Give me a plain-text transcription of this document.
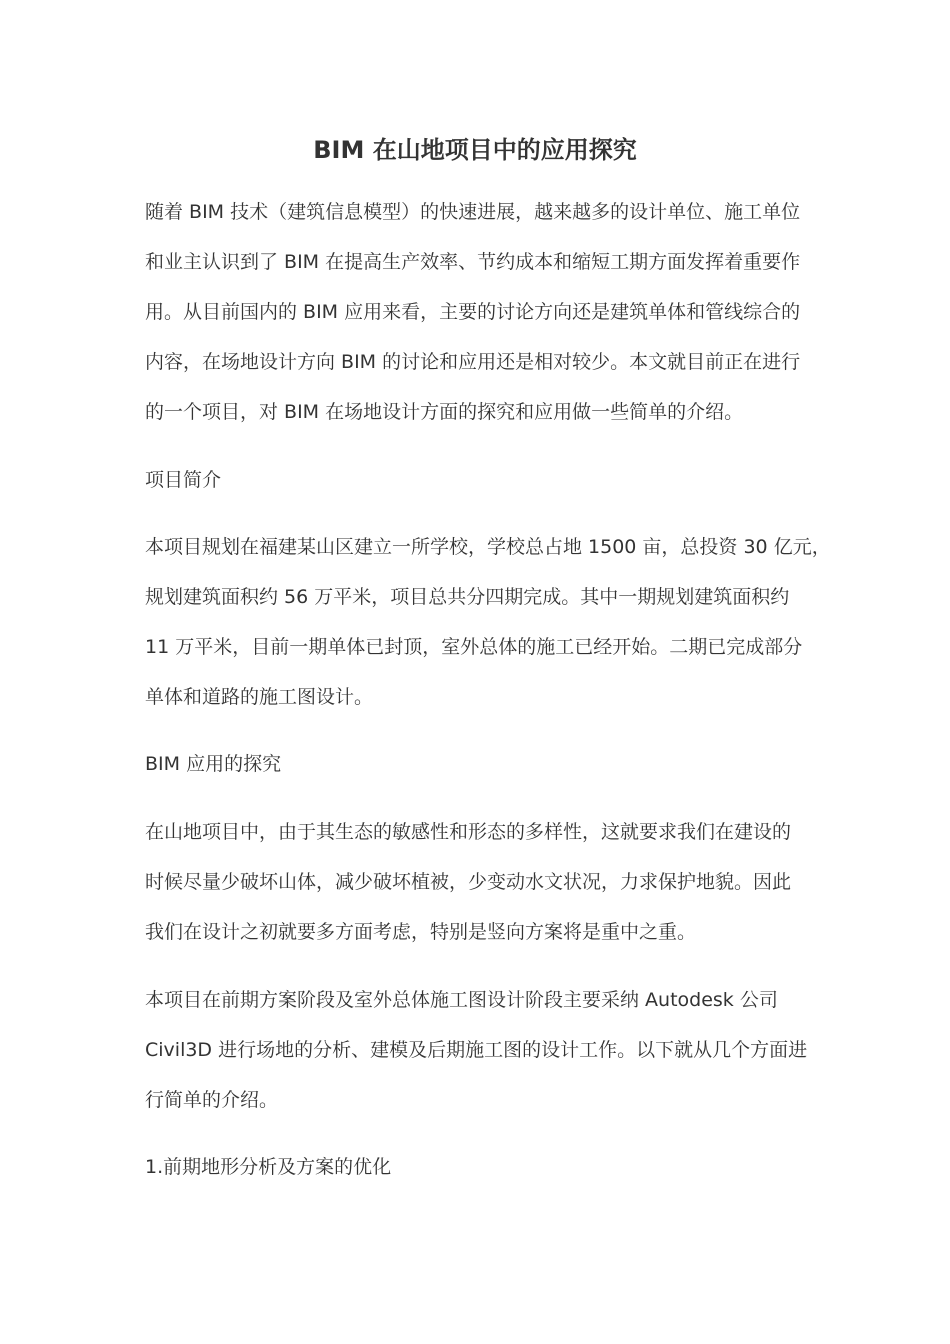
BIM 在山地项目中的应用探究

随着 BIM 技术（建筑信息模型）的快速进展，越来越多的设计单位、施工单位

和业主认识到了 BIM 在提高生产效率、节约成本和缩短工期方面发挥着重要作

用。从目前国内的 BIM 应用来看，主要的讨论方向还是建筑单体和管线综合的

内容，在场地设计方向 BIM 的讨论和应用还是相对较少。本文就目前正在进行

的一个项目，对 BIM 在场地设计方面的探究和应用做一些简单的介绍。

项目简介

本项目规划在福建某山区建立一所学校，学校总占地 1500 亩，总投资 30 亿元，

规划建筑面积约 56 万平米，项目总共分四期完成。其中一期规划建筑面积约

11 万平米，目前一期单体已封顶，室外总体的施工已经开始。二期已完成部分

单体和道路的施工图设计。

BIM 应用的探究

在山地项目中，由于其生态的敏感性和形态的多样性，这就要求我们在建设的

时候尽量少破坏山体，减少破坏植被，少变动水文状况，力求保护地貌。因此

我们在设计之初就要多方面考虑，特别是竖向方案将是重中之重。

本项目在前期方案阶段及室外总体施工图设计阶段主要采纳 Autodesk 公司

Civil3D 进行场地的分析、建模及后期施工图的设计工作。以下就从几个方面进

行简单的介绍。

1.前期地形分析及方案的优化
